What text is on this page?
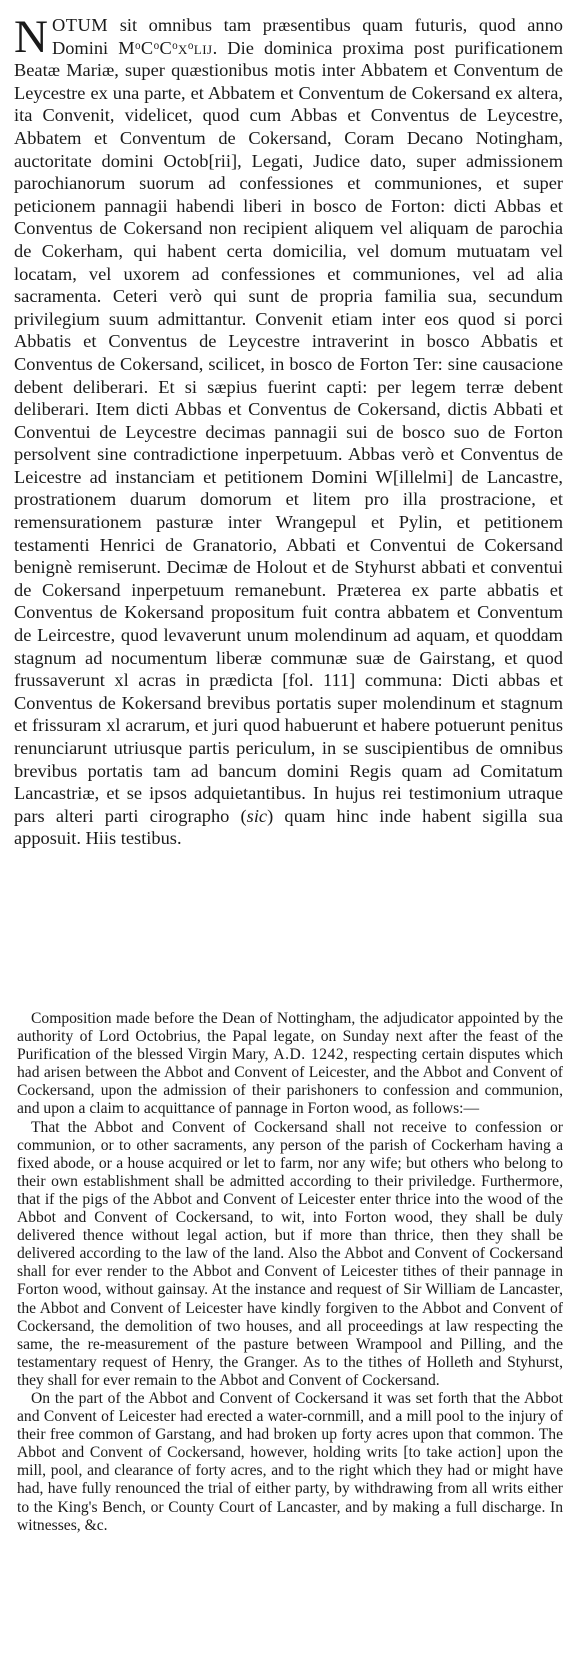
NOTUM sit omnibus tam præsentibus quam futuris, quod anno Domini MᵒCᵒCᵒxᵒlij. Die dominica proxima post purificationem Beatæ Mariæ, super quæstionibus motis inter Abbatem et Conventum de Leycestre ex una parte, et Abbatem et Conventum de Cokersand ex altera, ita Convenit, videlicet, quod cum Abbas et Conventus de Leycestre, Abbatem et Conventum de Cokersand, Coram Decano Notingham, auctoritate domini Octob[rii], Legati, Judice dato, super admissionem parochianorum suorum ad confessiones et communiones, et super peticionem pannagii habendi liberi in bosco de Forton: dicti Abbas et Conventus de Cokersand non recipient aliquem vel aliquam de parochia de Cokerham, qui habent certa domicilia, vel domum mutuatam vel locatam, vel uxorem ad confessiones et communiones, vel ad alia sacramenta. Ceteri verò qui sunt de propria familia sua, secundum privilegium suum admittantur. Convenit etiam inter eos quod si porci Abbatis et Conventus de Leycestre intraverint in bosco Abbatis et Conventus de Cokersand, scilicet, in bosco de Forton Ter: sine causacione debent deliberari. Et si sæpius fuerint capti: per legem terræ debent deliberari. Item dicti Abbas et Conventus de Cokersand, dictis Abbati et Conventui de Leycestre decimas pannagii sui de bosco suo de Forton persolvent sine contradictione inperpetuum. Abbas verò et Conventus de Leicestre ad instanciam et petitionem Domini W[illelmi] de Lancastre, prostrationem duarum domorum et litem pro illa prostracione, et remensurationem pasturæ inter Wrangepul et Pylin, et petitionem testamenti Henrici de Granatorio, Abbati et Conventui de Cokersand benignè remiserunt. Decimæ de Holout et de Styhurst abbati et conventui de Cokersand inperpetuum remanebunt. Præterea ex parte abbatis et Conventus de Kokersand propositum fuit contra abbatem et Conventum de Leircestre, quod levaverunt unum molendinum ad aquam, et quoddam stagnum ad nocumentum liberæ communæ suæ de Gairstang, et quod frussaverunt xl acras in prædicta [fol. 111] communa: Dicti abbas et Conventus de Kokersand brevibus portatis super molendinum et stagnum et frissuram xl acrarum, et juri quod habuerunt et habere potuerunt penitus renunciarunt utriusque partis periculum, in se suscipientibus de omnibus brevibus portatis tam ad bancum domini Regis quam ad Comitatum Lancastriæ, et se ipsos adquietantibus. In hujus rei testimonium utraque pars alteri parti cirographo (sic) quam hinc inde habent sigilla sua apposuit. Hiis testibus.

Composition made before the Dean of Nottingham, the adjudicator appointed by the authority of Lord Octobrius, the Papal legate, on Sunday next after the feast of the Purification of the blessed Virgin Mary, A.D. 1242, respecting certain disputes which had arisen between the Abbot and Convent of Leicester, and the Abbot and Convent of Cockersand, upon the admission of their parishoners to confession and communion, and upon a claim to acquittance of pannage in Forton wood, as follows:—

That the Abbot and Convent of Cockersand shall not receive to confession or communion, or to other sacraments, any person of the parish of Cockerham having a fixed abode, or a house acquired or let to farm, nor any wife; but others who belong to their own establishment shall be admitted according to their priviledge. Furthermore, that if the pigs of the Abbot and Convent of Leicester enter thrice into the wood of the Abbot and Convent of Cockersand, to wit, into Forton wood, they shall be duly delivered thence without legal action, but if more than thrice, then they shall be delivered according to the law of the land. Also the Abbot and Convent of Cockersand shall for ever render to the Abbot and Convent of Leicester tithes of their pannage in Forton wood, without gainsay. At the instance and request of Sir William de Lancaster, the Abbot and Convent of Leicester have kindly forgiven to the Abbot and Convent of Cockersand, the demolition of two houses, and all proceedings at law respecting the same, the re-measurement of the pasture between Wrampool and Pilling, and the testamentary request of Henry, the Granger. As to the tithes of Holleth and Styhurst, they shall for ever remain to the Abbot and Convent of Cockersand.

On the part of the Abbot and Convent of Cockersand it was set forth that the Abbot and Convent of Leicester had erected a water-cornmill, and a mill pool to the injury of their free common of Garstang, and had broken up forty acres upon that common. The Abbot and Convent of Cockersand, however, holding writs [to take action] upon the mill, pool, and clearance of forty acres, and to the right which they had or might have had, have fully renounced the trial of either party, by withdrawing from all writs either to the King's Bench, or County Court of Lancaster, and by making a full discharge. In witnesses, &c.
